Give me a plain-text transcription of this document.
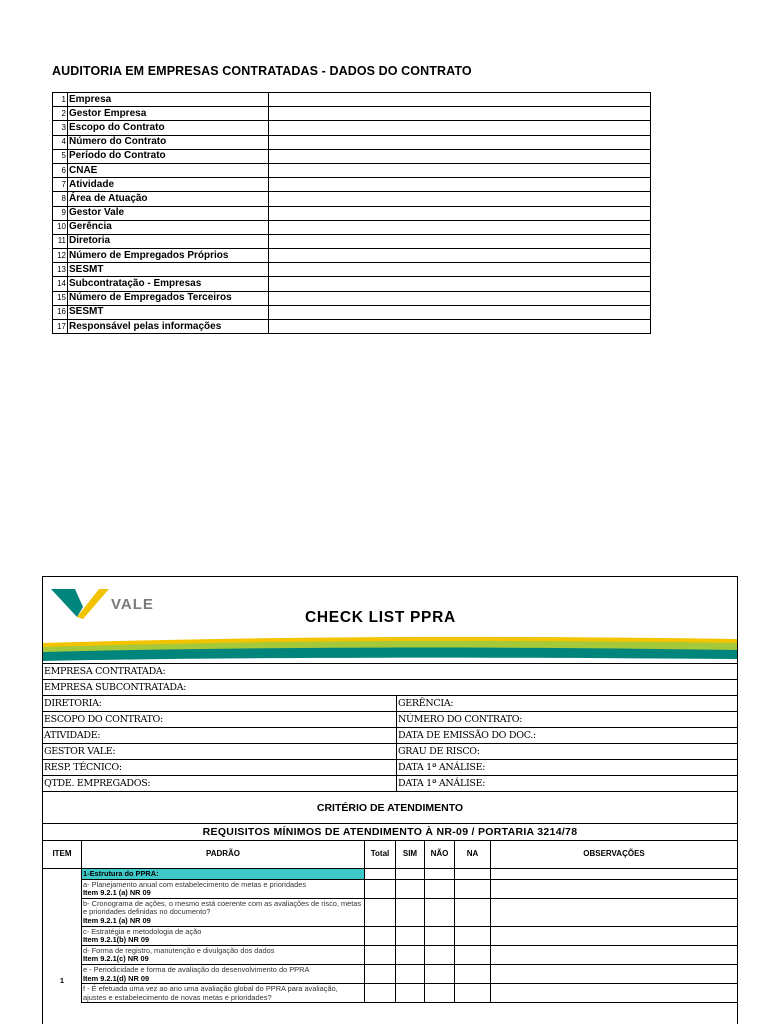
AUDITORIA EM EMPRESAS CONTRATADAS - DADOS DO CONTRATO
1	Empresa	
2	Gestor Empresa	
3	Escopo do Contrato	
4	Número do Contrato	
5	Período do Contrato	
6	CNAE	
7	Atividade	
8	Área de Atuação	
9	Gestor Vale	
10	Gerência	
11	Diretoria	
12	Número de Empregados Próprios	
13	SESMT	
14	Subcontratação - Empresas	
15	Número de Empregados Terceiros	
16	SESMT	
17	Responsável pelas informações	
VALE
CHECK LIST PPRA
EMPRESA CONTRATADA:
EMPRESA SUBCONTRATADA:
DIRETORIA:	GERÊNCIA:
ESCOPO DO CONTRATO:	NÚMERO DO CONTRATO:
ATIVIDADE:	DATA DE EMISSÃO DO DOC.:
GESTOR VALE:	GRAU DE RISCO:
RESP. TÉCNICO:	DATA 1ª ANÁLISE:
QTDE. EMPREGADOS:	DATA 1ª ANÁLISE:
CRITÉRIO DE ATENDIMENTO
REQUISITOS MÍNIMOS DE ATENDIMENTO À NR-09 / PORTARIA 3214/78
ITEM	PADRÃO	Total	SIM	NÃO	NA	OBSERVAÇÕES
1
1-Estrutura do PPRA:
a- Planejamento anual com estabelecimento de metas e prioridades
Item 9.2.1 (a) NR 09
b- Cronograma de ações, o mesmo está coerente com as avaliações de risco, metas e prioridades definidas no documento?
Item 9.2.1 (a) NR 09
c- Estratégia e metodologia de ação
Item 9.2.1(b) NR 09
d- Forma de registro, manutenção e divulgação dos dados
Item 9.2.1(c) NR 09
e - Periodicidade e forma de avaliação do desenvolvimento do PPRA
Item 9.2.1(d) NR 09
f - É efetuada uma vez ao ano uma avaliação global do PPRA para avaliação, ajustes e estabelecimento de novas metas e prioridades?
